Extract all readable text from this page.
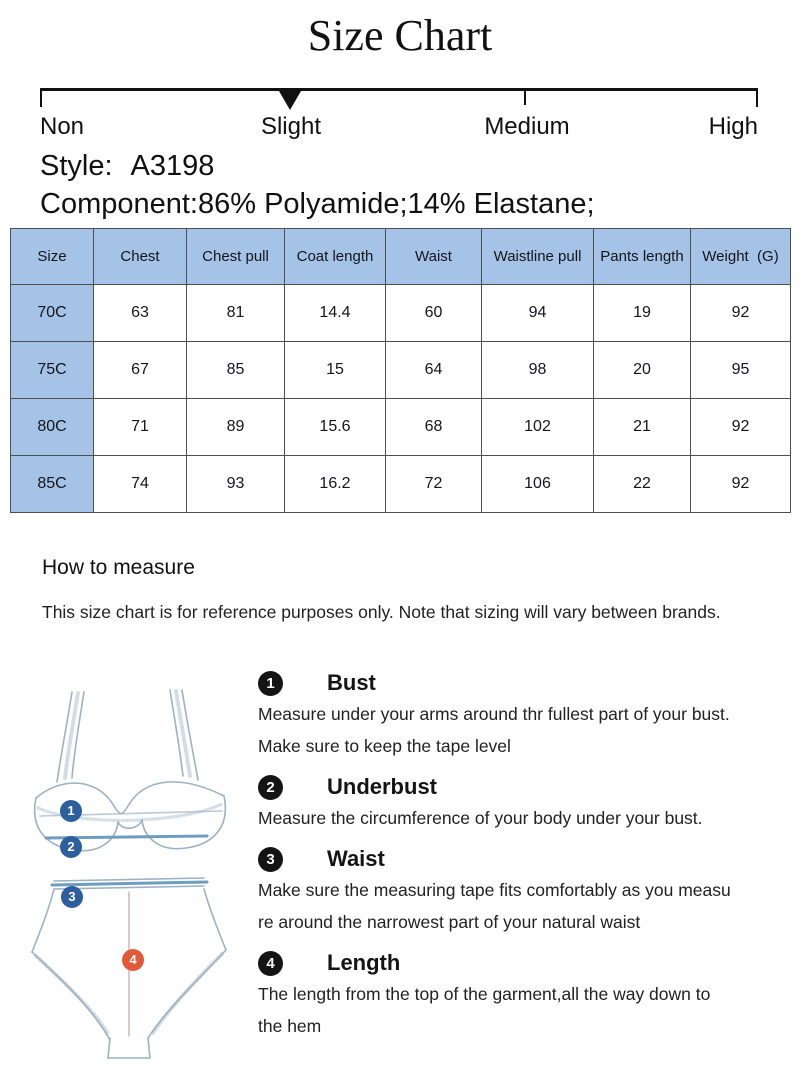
Size Chart
Non	Slight	Medium	High
Style: A3198
Component:86% Polyamide;14% Elastane;
Size	Chest	Chest pull	Coat length	Waist	Waistline pull	Pants length	Weight  (G)
70C	63	81	14.4	60	94	19	92
75C	67	85	15	64	98	20	95
80C	71	89	15.6	68	102	21	92
85C	74	93	16.2	72	106	22	92
How to measure
This size chart is for reference purposes only. Note that sizing will vary between brands.
1
2
3
4
1	Bust
Measure under your arms around thr fullest part of your bust.
Make sure to keep the tape level
2	Underbust
Measure the circumference of your body under your bust.
3	Waist
Make sure the measuring tape fits comfortably as you measu
re around the narrowest part of your natural waist
4	Length
The length from the top of the garment,all the way down to
the hem
